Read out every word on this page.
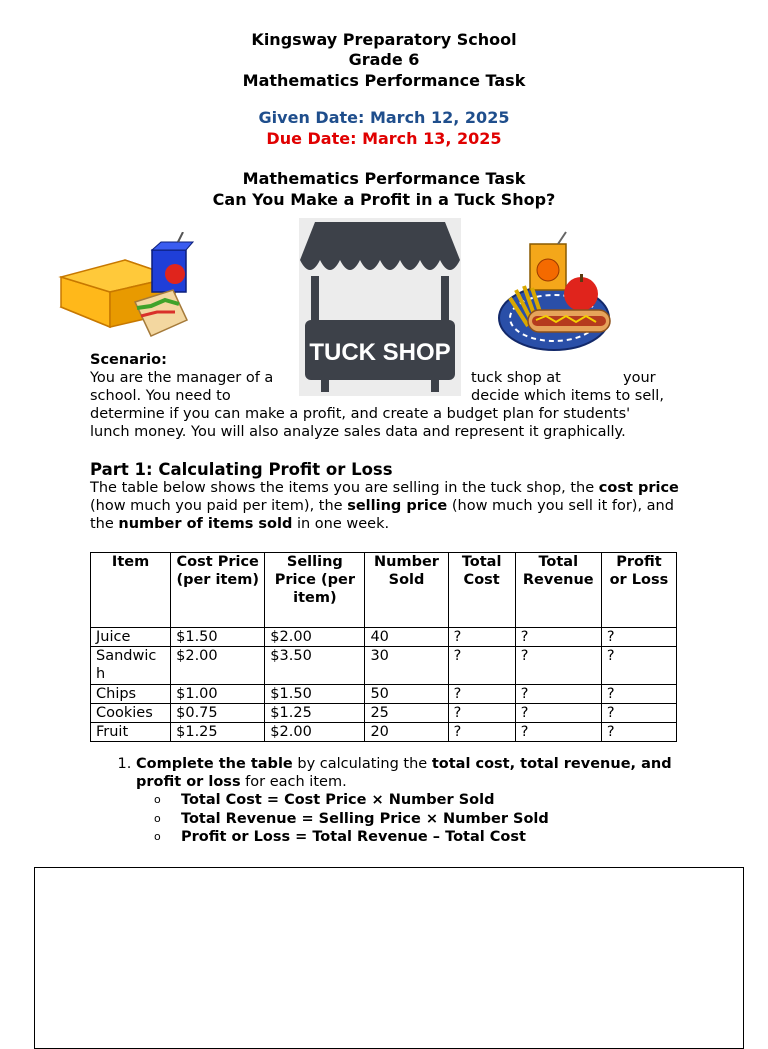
Kingsway Preparatory School
Grade 6
Mathematics Performance Task
Given Date: March 12, 2025
Due Date: March 13, 2025
Mathematics Performance Task
Can You Make a Profit in a Tuck Shop?
TUCK SHOP
Scenario:
You are the manager of a	tuck shop at	your
school. You need to	decide which items to sell,
determine if you can make a profit, and create a budget plan for students'
lunch money. You will also analyze sales data and represent it graphically.
Part 1: Calculating Profit or Loss
The table below shows the items you are selling in the tuck shop, the cost price (how much you paid per item), the selling price (how much you sell it for), and the number of items sold in one week.
Item	Cost Price (per item)	Selling Price (per item)	Number Sold	Total Cost	Total Revenue	Profit or Loss
Juice	$1.50	$2.00	40	?	?	?
Sandwich	$2.00	$3.50	30	?	?	?
Chips	$1.00	$1.50	50	?	?	?
Cookies	$0.75	$1.25	25	?	?	?
Fruit	$1.25	$2.00	20	?	?	?
1. Complete the table by calculating the total cost, total revenue, and profit or loss for each item.
o Total Cost = Cost Price × Number Sold
o Total Revenue = Selling Price × Number Sold
o Profit or Loss = Total Revenue – Total Cost
